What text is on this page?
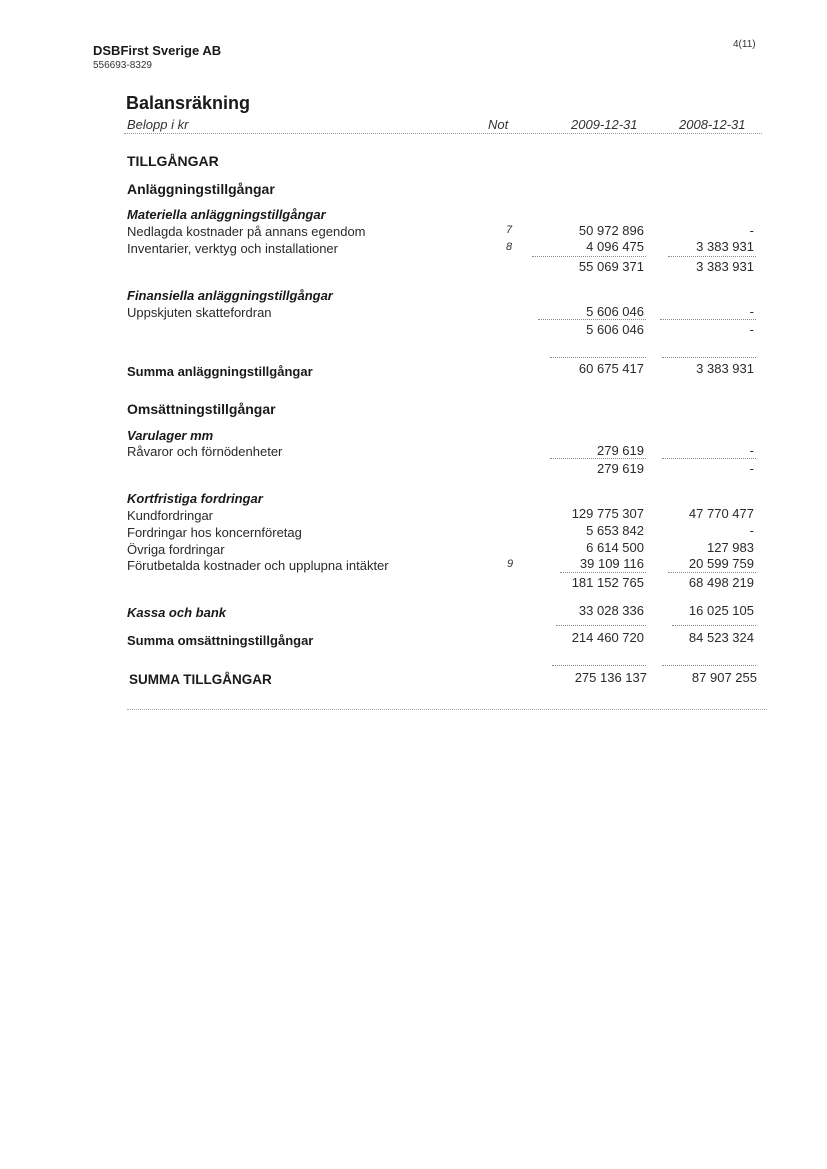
DSBFirst Sverige AB
556693-8329
4(11)
Balansräkning
Belopp i kr	Not	2009-12-31	2008-12-31
TILLGÅNGAR
Anläggningstillgångar
Materiella anläggningstillgångar
Nedlagda kostnader på annans egendom	7	50 972 896	-
Inventarier, verktyg och installationer	8	4 096 475	3 383 931
55 069 371	3 383 931
Finansiella anläggningstillgångar
Uppskjuten skattefordran	5 606 046	-
5 606 046	-
Summa anläggningstillgångar	60 675 417	3 383 931
Omsättningstillgångar
Varulager mm
Råvaror och förnödenheter	279 619	-
279 619	-
Kortfristiga fordringar
Kundfordringar	129 775 307	47 770 477
Fordringar hos koncernföretag	5 653 842	-
Övriga fordringar	6 614 500	127 983
Förutbetalda kostnader och upplupna intäkter	9	39 109 116	20 599 759
181 152 765	68 498 219
Kassa och bank	33 028 336	16 025 105
Summa omsättningstillgångar	214 460 720	84 523 324
SUMMA TILLGÅNGAR	275 136 137	87 907 255
